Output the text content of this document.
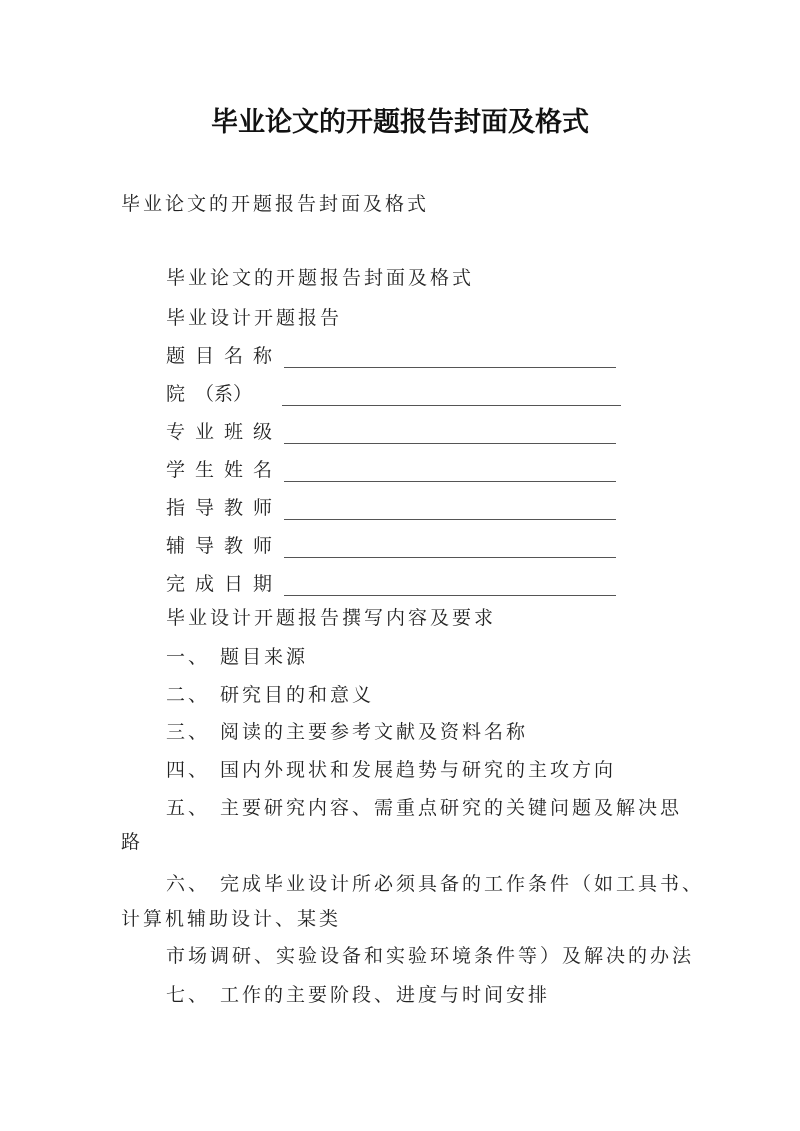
毕业论文的开题报告封面及格式
毕业论文的开题报告封面及格式
毕业论文的开题报告封面及格式
毕业设计开题报告
题 目 名 称
院 （系）
专 业 班 级
学 生 姓 名
指 导 教 师
辅 导 教 师
完 成 日 期
毕业设计开题报告撰写内容及要求
一、 题目来源
二、 研究目的和意义
三、 阅读的主要参考文献及资料名称
四、 国内外现状和发展趋势与研究的主攻方向
五、 主要研究内容、需重点研究的关键问题及解决思
路
六、 完成毕业设计所必须具备的工作条件（如工具书、
计算机辅助设计、某类
市场调研、实验设备和实验环境条件等）及解决的办法
七、 工作的主要阶段、进度与时间安排
